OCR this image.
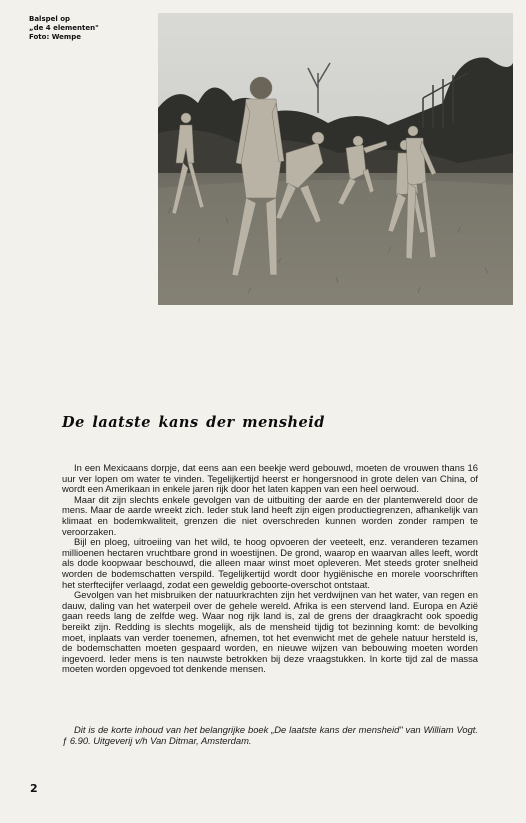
Balspel op
„de 4 elementen"
Foto: Wempe
De laatste kans der mensheid

In een Mexicaans dorpje, dat eens aan een beekje werd gebouwd, moeten de vrouwen thans 16 uur ver lopen om water te vinden. Tegelijkertijd heerst er hongersnood in grote delen van China, of wordt een Amerikaan in enkele jaren rijk door het laten kappen van een heel oerwoud.

Maar dit zijn slechts enkele gevolgen van de uitbuiting der aarde en der plantenwereld door de mens. Maar de aarde wreekt zich. Ieder stuk land heeft zijn eigen productiegrenzen, afhankelijk van klimaat en bodemkwaliteit, grenzen die niet overschreden kunnen worden zonder rampen te veroorzaken.

Bijl en ploeg, uitroeiing van het wild, te hoog opvoeren der veeteelt, enz. veranderen tezamen millioenen hectaren vruchtbare grond in woestijnen. De grond, waarop en waarvan alles leeft, wordt als dode koopwaar beschouwd, die alleen maar winst moet opleveren. Met steeds groter snelheid worden de bodemschatten verspild. Tegelijkertijd wordt door hygiënische en morele voorschriften het sterftecijfer verlaagd, zodat een geweldig geboorte-overschot ontstaat.

Gevolgen van het misbruiken der natuurkrachten zijn het verdwijnen van het water, van regen en dauw, daling van het waterpeil over de gehele wereld. Afrika is een stervend land. Europa en Azië gaan reeds lang de zelfde weg. Waar nog rijk land is, zal de grens der draagkracht ook spoedig bereikt zijn. Redding is slechts mogelijk, als de mensheid tijdig tot bezinning komt: de bevolking moet, inplaats van verder toenemen, afnemen, tot het evenwicht met de gehele natuur hersteld is, de bodemschatten moeten gespaard worden, en nieuwe wijzen van bebouwing moeten worden ingevoerd. Ieder mens is ten nauwste betrokken bij deze vraagstukken. In korte tijd zal de massa moeten worden opgevoed tot denkende mensen.

Dit is de korte inhoud van het belangrijke boek „De laatste kans der mensheid" van William Vogt. ƒ 6.90. Uitgeverij v/h Van Ditmar, Amsterdam.
2
